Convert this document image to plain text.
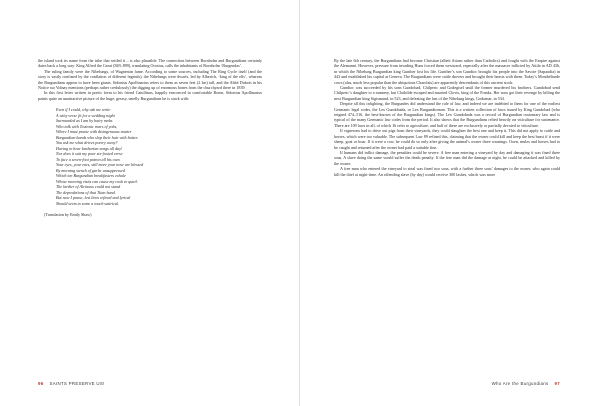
the island took its name from the tribe that settled it – is also plausible. The connection between Bornholm and Burgundians certainly dates back a long way: King Alfred the Great (849–899), translating Orosius, calls the inhabitants of Bornholm ‘Burgendas’.

The ruling family were the Nibelungs, of Wagnerian fame. According to some sources, including The Ring Cycle itself (and the story is vastly confused by the conflation of different legends), the Nibelungs were dwarfs, led by Alberich, ‘king of the elfs’, whereas the Burgundians appear to have been giants. Sidonius Apollinarius refers to them as seven feet (2.1m) tall, and the Abbé Dubois in his Notice sur Volnay mentions (perhaps rather credulously) the digging up of enormous bones from the churchyard there in 1839.

In this first letter written in poetic form to his friend Catullinus, happily ensconced in comfortable Rome, Sidonius Apollinarius paints quite an unattractive picture of the huge, greasy, smelly Burgundians he is stuck with:

Even if I could, why ask me write
A witty verse fit for a wedding night
Surrounded as I am by hairy mobs
Who talk with Teutonic roars of yobs,
Where I must praise with disingenuous mutter
Burgundian bands who slop their hair with butter.
You ask me what drives poetry away?
Having to hear barbarian songs all day!
Nor does it suit my poor six-footed verse
To face a seven-foot patron all his own.
Your eyes, your ears, still more your nose are blessed
By morning stench of garlic unsuppressed
Which ten Burgundian breakfasters exhale
Whose morning visits can cause my cook to quail.
The lardier of Alcinous could not stand
The depredations of that Titan band.
But now I pause, lest lines refined and lyrical
Should seem to some a touch satirical.

(Translation by Emily Shaw)

96 SAINTS PRESERVE US!

By the late 6th century, the Burgundians had become Christian (albeit Arians rather than Catholics) and fought with the Empire against the Alemanni. However, pressure from invading Huns forced them westward, especially after the massacre inflicted by Attila in AD 436, in which the Nibelung Burgundian king Gunther lost his life. Gunther’s son Gundioc brought his people into the Savoie (Sapaudia) in 443 and established his capital at Geneva. The Burgundians were cattle drovers and brought their beasts with them. Today’s Montbéliarde cows (alas, much less popular than the ubiquitous Charolais) are apparently descendants of this ancient stock.

Gundioc was succeeded by his sons Gundobad, Chilperic and Godegisel until the former murdered his brothers. Gundobad send Chilperic’s daughter to a nunnery, but Clothilde escaped and married Clovis, king of the Franks. Her sons got their revenge by killing the next Burgundian king Sigismund, in 523, and defeating the last of the Nibelung kings, Godomar, in 534.

Despite all this infighting, the Burgundes did understand the rule of law, and indeed we are indebted to them for one of the earliest Germanic legal codes, the Lex Gundobada, or Lex Burgundionum. This is a written collection of laws issued by King Gundobad (who reigned 474–516, the best-known of the Burgundian kings). The Lex Gundobada was a record of Burgundian customary law and is typical of the many Germanic law codes from the period. It also shows that the Burgundians relied heavily on viticulture for sustenance. There are 109 laws in all, of which 16 refer to agriculture, and half of these are exclusively or partially devoted to viticulture.

If vignerons had to drive out pigs from their vineyards, they could slaughter the best one and keep it. This did not apply to cattle and horses, which were too valuable. The subsequent Law 89 refined this, claiming that the owner could kill and keep the best beast if it were sheep, goat or boar. If it were a cow, he could do so only after giving the animal’s owner three warnings. Oxen, mules and horses had to be caught and returned after the owner had paid a suitable fine.

If humans did inflict damage, the penalties could be severe. A free man entering a vineyard by day and damaging it was fined three sous. A slave doing the same would suffer the death penalty. If the free man did the damage at night, he could be attacked and killed by the owner.

A free man who entered the vineyard to steal was fined two sous, with a further three sous’ damages to the owner, who again could kill the thief at night-time. An offending slave (by day) would receive 300 lashes, which was more

Who Are the Burgundians 97
